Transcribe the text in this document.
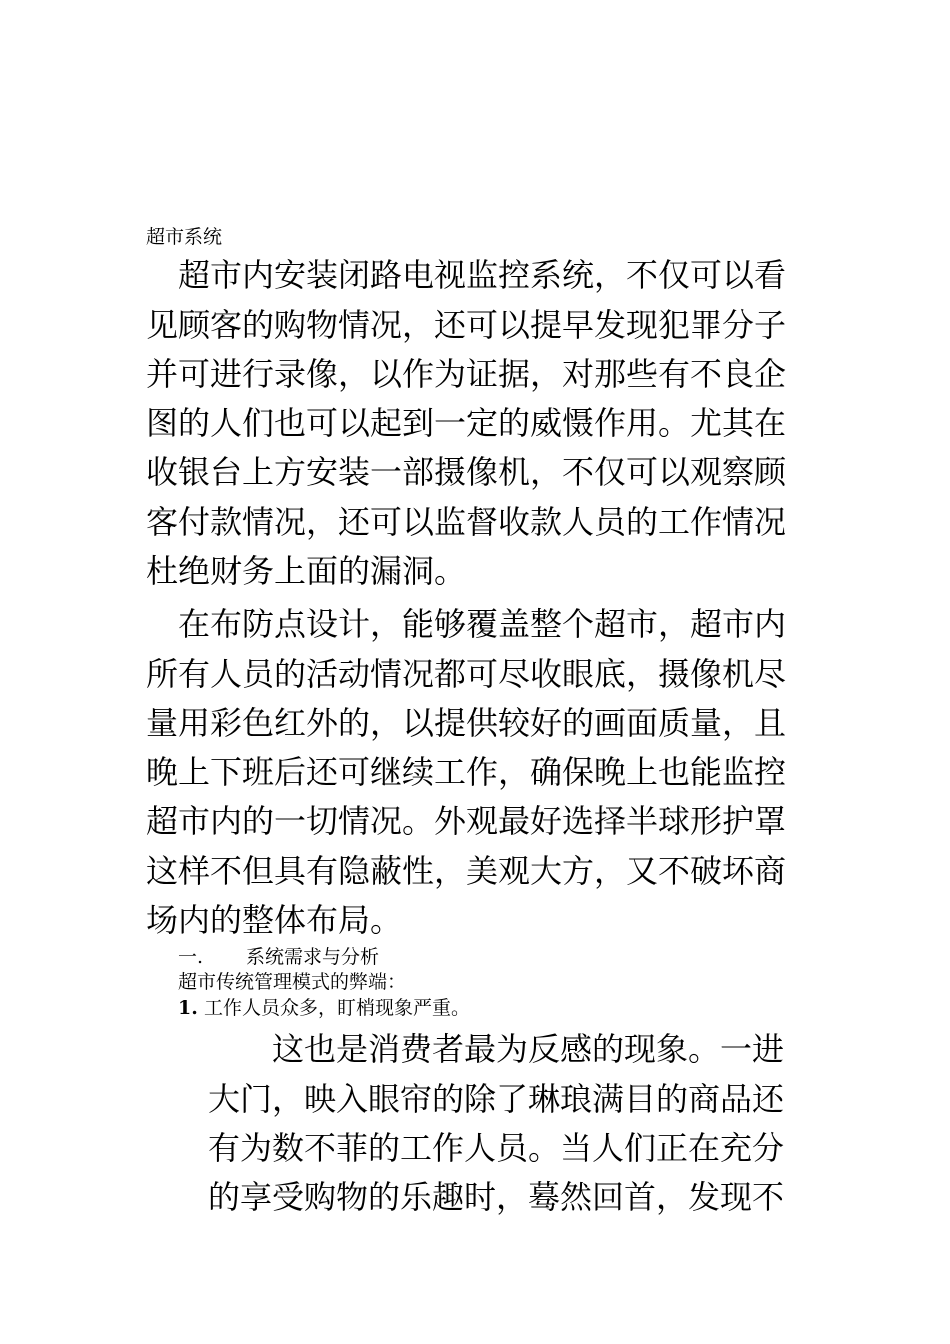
超市系统
超市内安装闭路电视监控系统，不仅可以看
见顾客的购物情况，还可以提早发现犯罪分子
并可进行录像，以作为证据，对那些有不良企
图的人们也可以起到一定的威慑作用。尤其在
收银台上方安装一部摄像机，不仅可以观察顾
客付款情况，还可以监督收款人员的工作情况
杜绝财务上面的漏洞。
在布防点设计，能够覆盖整个超市，超市内
所有人员的活动情况都可尽收眼底，摄像机尽
量用彩色红外的，以提供较好的画面质量，且
晚上下班后还可继续工作，确保晚上也能监控
超市内的一切情况。外观最好选择半球形护罩
这样不但具有隐蔽性，美观大方，又不破坏商
场内的整体布局。
一. 系统需求与分析
超市传统管理模式的弊端：
1. 工作人员众多，盯梢现象严重。
这也是消费者最为反感的现象。一进
大门，映入眼帘的除了琳琅满目的商品还
有为数不菲的工作人员。当人们正在充分
的享受购物的乐趣时，蓦然回首，发现不
